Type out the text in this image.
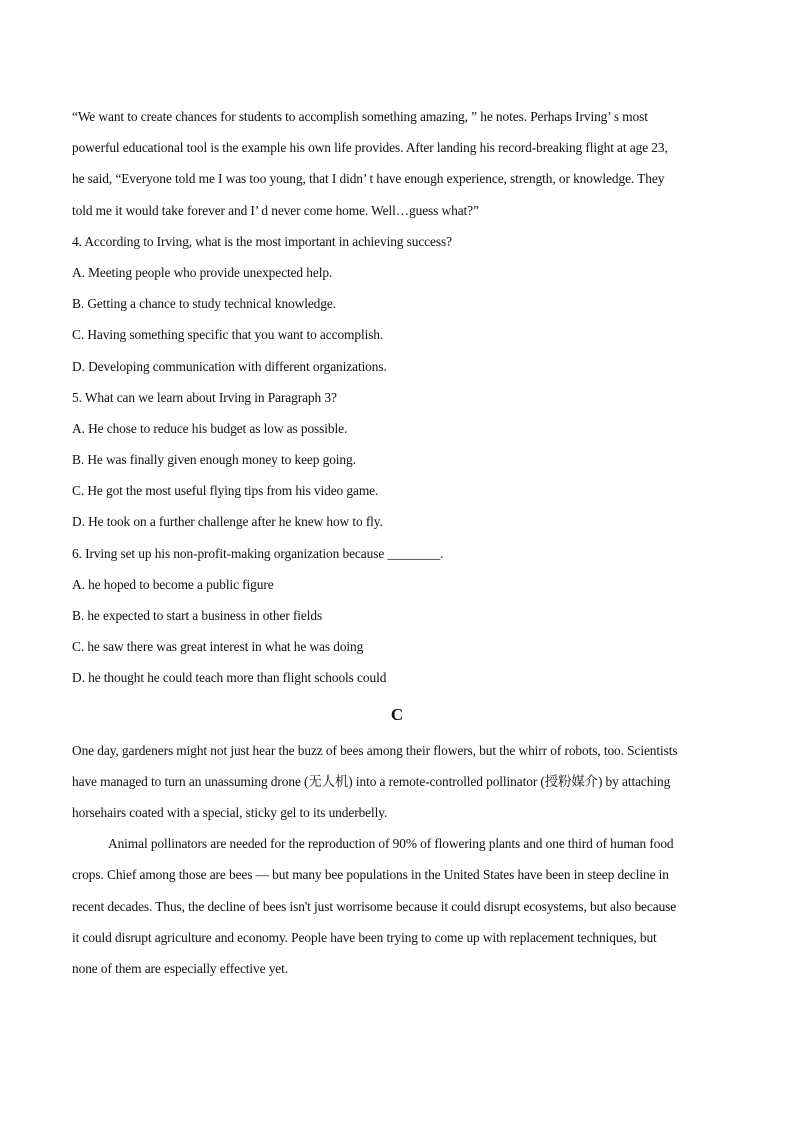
“We want to create chances for students to accomplish something amazing, ” he notes. Perhaps Irving’ s most
powerful educational tool is the example his own life provides. After landing his record-breaking flight at age 23,
he said, “Everyone told me I was too young, that I didn’ t have enough experience, strength, or knowledge. They
told me it would take forever and I’ d never come home. Well…guess what?”
4. According to Irving, what is the most important in achieving success?
A. Meeting people who provide unexpected help.
B. Getting a chance to study technical knowledge.
C. Having something specific that you want to accomplish.
D. Developing communication with different organizations.
5. What can we learn about Irving in Paragraph 3?
A. He chose to reduce his budget as low as possible.
B. He was finally given enough money to keep going.
C. He got the most useful flying tips from his video game.
D. He took on a further challenge after he knew how to fly.
6. Irving set up his non-profit-making organization because ________.
A. he hoped to become a public figure
B. he expected to start a business in other fields
C. he saw there was great interest in what he was doing
D. he thought he could teach more than flight schools could
C
One day, gardeners might not just hear the buzz of bees among their flowers, but the whirr of robots, too. Scientists
have managed to turn an unassuming drone (无人机) into a remote-controlled pollinator (授粉媒介) by attaching
horsehairs coated with a special, sticky gel to its underbelly.
Animal pollinators are needed for the reproduction of 90% of flowering plants and one third of human food
crops. Chief among those are bees — but many bee populations in the United States have been in steep decline in
recent decades. Thus, the decline of bees isn't just worrisome because it could disrupt ecosystems, but also because
it could disrupt agriculture and economy. People have been trying to come up with replacement techniques, but
none of them are especially effective yet.
